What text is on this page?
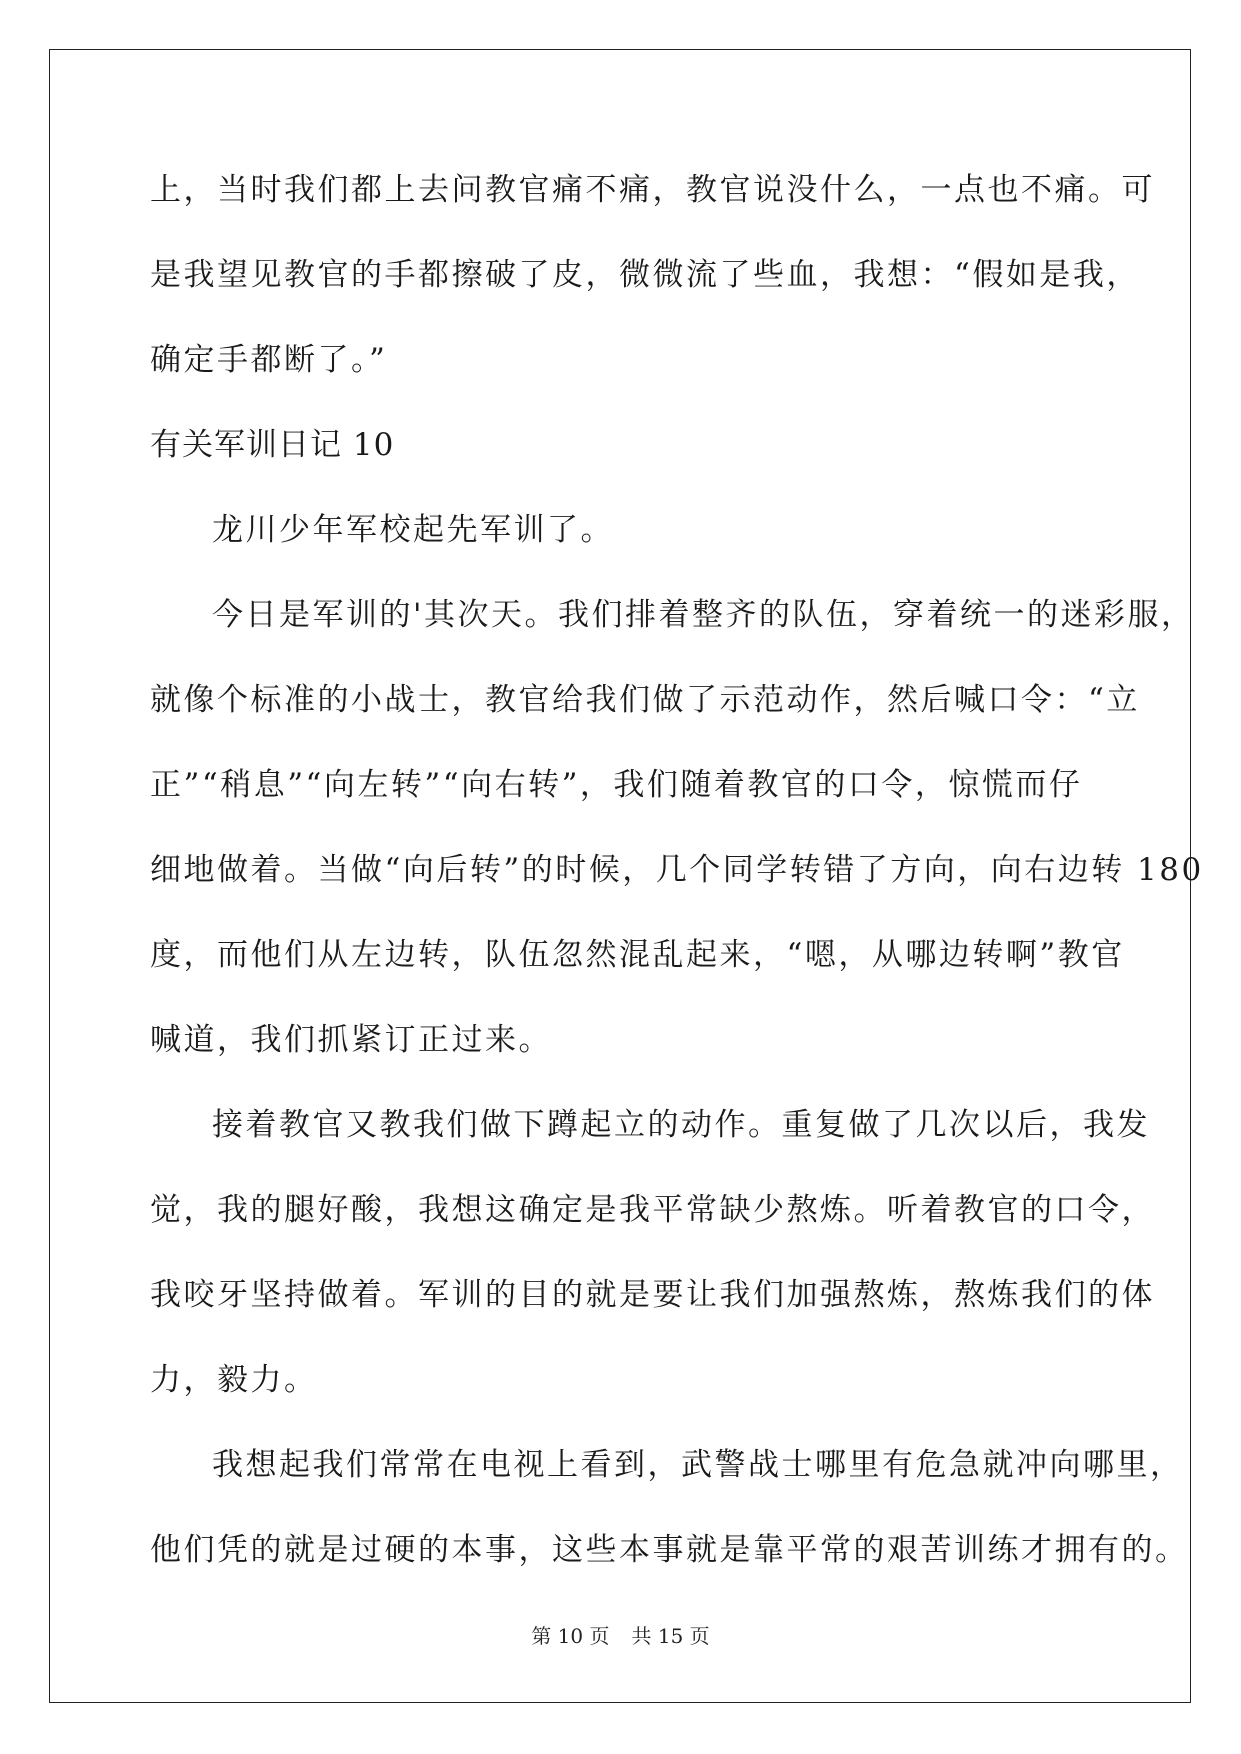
上，当时我们都上去问教官痛不痛，教官说没什么，一点也不痛。可
是我望见教官的手都擦破了皮，微微流了些血，我想：“假如是我，
确定手都断了。”
有关军训日记 10
龙川少年军校起先军训了。
今日是军训的'其次天。我们排着整齐的队伍，穿着统一的迷彩服，
就像个标准的小战士，教官给我们做了示范动作，然后喊口令：“立
正”“稍息”“向左转”“向右转”，我们随着教官的口令，惊慌而仔
细地做着。当做“向后转”的时候，几个同学转错了方向，向右边转 180
度，而他们从左边转，队伍忽然混乱起来，“嗯，从哪边转啊”教官
喊道，我们抓紧订正过来。
接着教官又教我们做下蹲起立的动作。重复做了几次以后，我发
觉，我的腿好酸，我想这确定是我平常缺少熬炼。听着教官的口令，
我咬牙坚持做着。军训的目的就是要让我们加强熬炼，熬炼我们的体
力，毅力。
我想起我们常常在电视上看到，武警战士哪里有危急就冲向哪里，
他们凭的就是过硬的本事，这些本事就是靠平常的艰苦训练才拥有的。
第 10 页 共 15 页
